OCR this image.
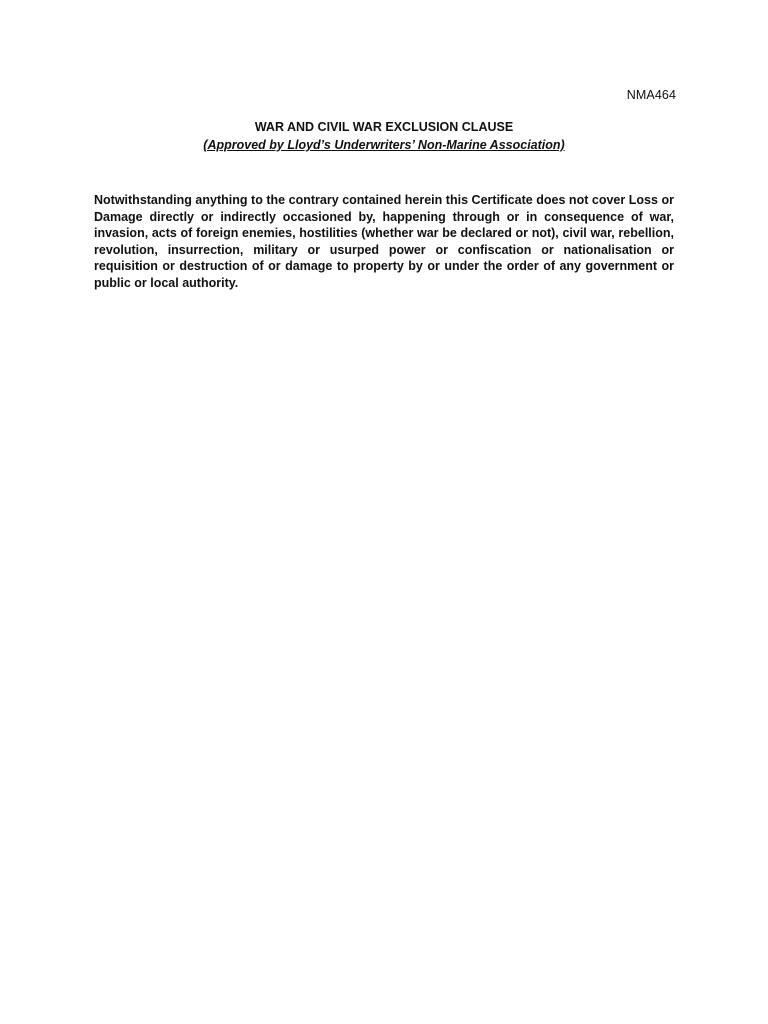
NMA464

WAR AND CIVIL WAR EXCLUSION CLAUSE

(Approved by Lloyd’s Underwriters’ Non-Marine Association)

Notwithstanding anything to the contrary contained herein this Certificate does not cover Loss or Damage directly or indirectly occasioned by, happening through or in consequence of war, invasion, acts of foreign enemies, hostilities (whether war be declared or not), civil war, rebellion, revolution, insurrection, military or usurped power or confiscation or nationalisation or requisition or destruction of or damage to property by or under the order of any government or public or local authority.
